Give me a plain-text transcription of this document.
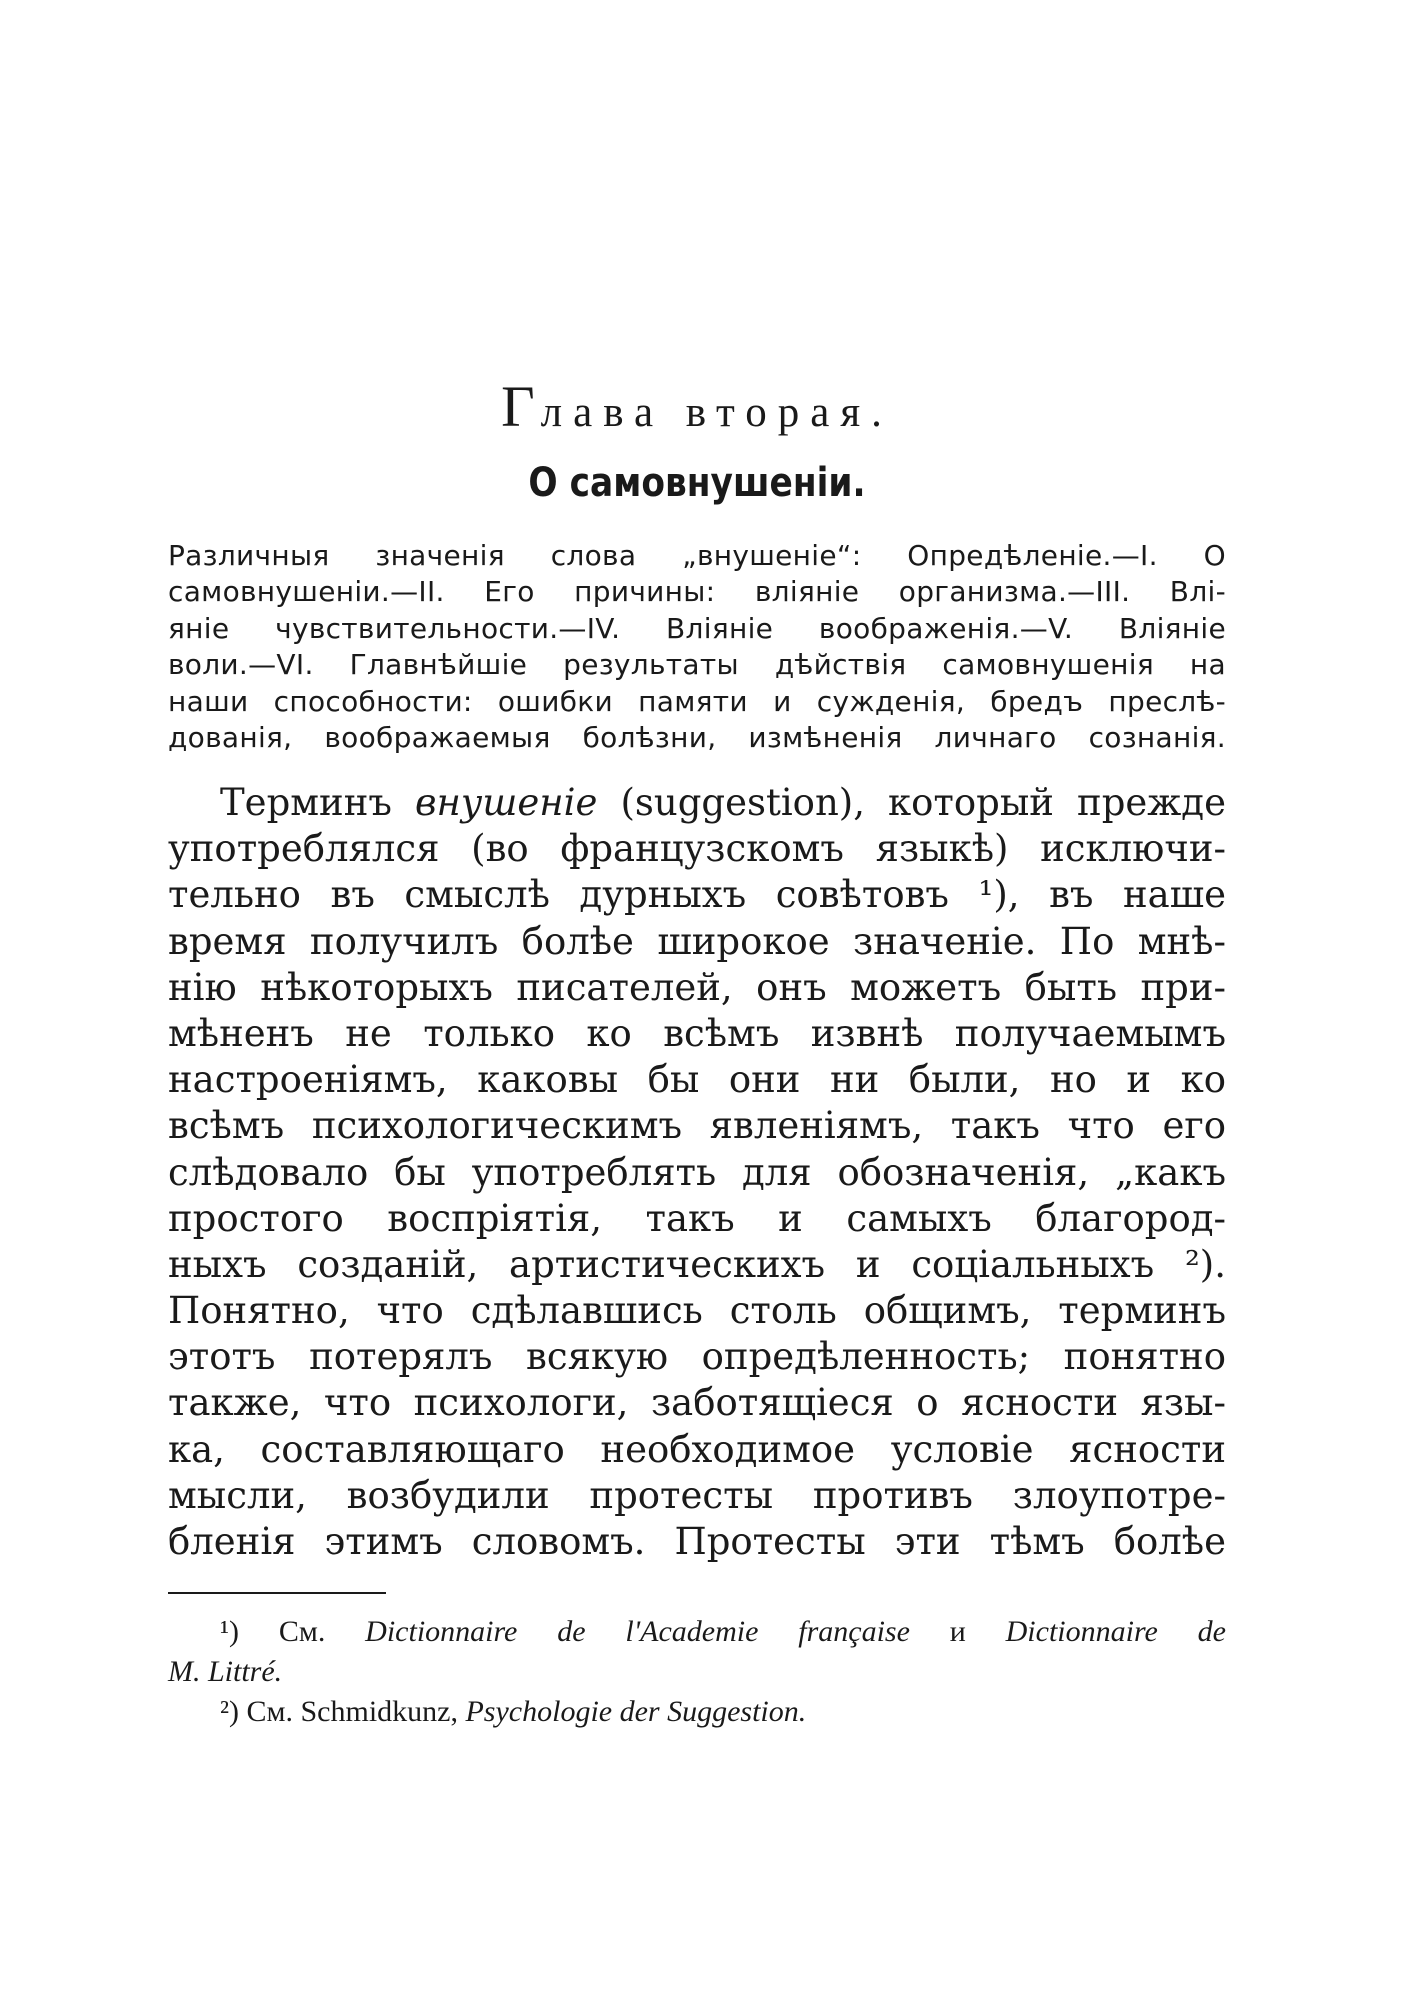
Глава вторая.
О самовнушеніи.
Различныя значенія слова „внушеніе“: Опредѣленіе.—I. О
самовнушеніи.—II. Его причины: вліяніе организма.—III. Влі-
яніе чувствительности.—IV. Вліяніе воображенія.—V. Вліяніе
воли.—VI. Главнѣйшіе результаты дѣйствія самовнушенія на
наши способности: ошибки памяти и сужденія, бредъ преслѣ-
дованія, воображаемыя болѣзни, измѣненія личнаго сознанія.
Терминъ внушеніе (suggestion), который прежде
употреблялся (во французскомъ языкѣ) исключи-
тельно въ смыслѣ дурныхъ совѣтовъ ¹), въ наше
время получилъ болѣе широкое значеніе. По мнѣ-
нію нѣкоторыхъ писателей, онъ можетъ быть при-
мѣненъ не только ко всѣмъ извнѣ получаемымъ
настроеніямъ, каковы бы они ни были, но и ко
всѣмъ психологическимъ явленіямъ, такъ что его
слѣдовало бы употреблять для обозначенія, „какъ
простого воспріятія, такъ и самыхъ благород-
ныхъ созданій, артистическихъ и соціальныхъ ²).
Понятно, что сдѣлавшись столь общимъ, терминъ
этотъ потерялъ всякую опредѣленность; понятно
также, что психологи, заботящіеся о ясности язы-
ка, составляющаго необходимое условіе ясности
мысли, возбудили протесты противъ злоупотре-
бленія этимъ словомъ. Протесты эти тѣмъ болѣе
¹) См. Dictionnaire de l'Academie française и Dictionnaire de
M. Littré.
²) См. Schmidkunz, Psychologie der Suggestion.
